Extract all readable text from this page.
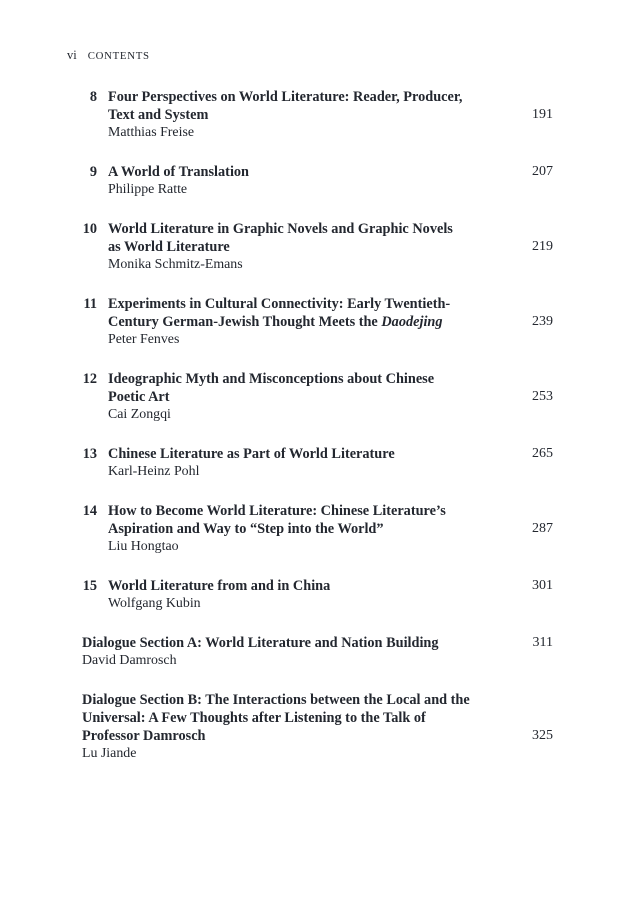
vi CONTENTS
8 Four Perspectives on World Literature: Reader, Producer,
Text and System	191
Matthias Freise
9 A World of Translation	207
Philippe Ratte
10 World Literature in Graphic Novels and Graphic Novels
as World Literature	219
Monika Schmitz-Emans
11 Experiments in Cultural Connectivity: Early Twentieth-
Century German-Jewish Thought Meets the Daodejing	239
Peter Fenves
12 Ideographic Myth and Misconceptions about Chinese
Poetic Art	253
Cai Zongqi
13 Chinese Literature as Part of World Literature	265
Karl-Heinz Pohl
14 How to Become World Literature: Chinese Literature’s
Aspiration and Way to “Step into the World”	287
Liu Hongtao
15 World Literature from and in China	301
Wolfgang Kubin
Dialogue Section A: World Literature and Nation Building	311
David Damrosch
Dialogue Section B: The Interactions between the Local and the
Universal: A Few Thoughts after Listening to the Talk of
Professor Damrosch	325
Lu Jiande
